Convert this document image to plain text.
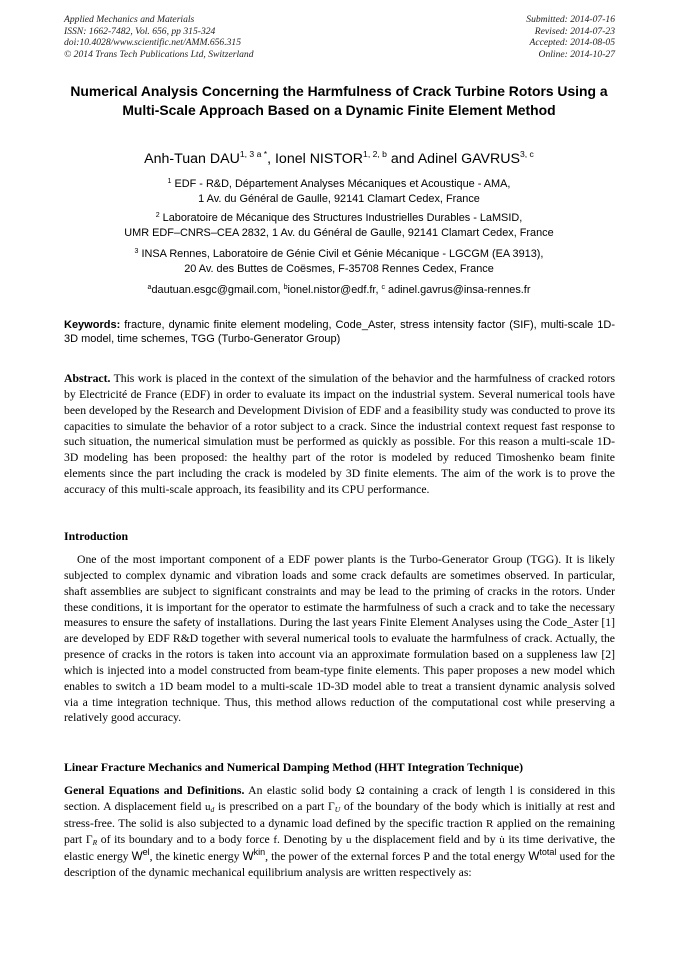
Applied Mechanics and Materials
ISSN: 1662-7482, Vol. 656, pp 315-324
doi:10.4028/www.scientific.net/AMM.656.315
© 2014 Trans Tech Publications Ltd, Switzerland
Submitted: 2014-07-16
Revised: 2014-07-23
Accepted: 2014-08-05
Online: 2014-10-27
Numerical Analysis Concerning the Harmfulness of Crack Turbine Rotors Using a Multi-Scale Approach Based on a Dynamic Finite Element Method
Anh-Tuan $DAU^{1, 3 a *}$, Ionel NISTOR$^{1, 2, b}$ and Adinel GAVRUS$^{3, c}$
$^1$ EDF - R&D, Département Analyses Mécaniques et Acoustique - AMA,
1 Av. du Général de Gaulle, 92141 Clamart Cedex, France
$^2$ Laboratoire de Mécanique des Structures Industrielles Durables - LaMSID,
UMR EDF–CNRS–CEA 2832, 1 Av. du Général de Gaulle, 92141 Clamart Cedex, France
$^3$ INSA Rennes, Laboratoire de Génie Civil et Génie Mécanique - LGCGM (EA 3913),
20 Av. des Buttes de Coësmes, F-35708 Rennes Cedex, France
$^a$dautuan.esgc@gmail.com, $^b$ionel.nistor@edf.fr, $^c$ adinel.gavrus@insa-rennes.fr
Keywords: fracture, dynamic finite element modeling, Code_Aster, stress intensity factor (SIF), multi-scale 1D-3D model, time schemes, TGG (Turbo-Generator Group)

Abstract. This work is placed in the context of the simulation of the behavior and the harmfulness of cracked rotors by Electricité de France (EDF) in order to evaluate its impact on the industrial system. Several numerical tools have been developed by the Research and Development Division of EDF and a feasibility study was conducted to prove its capacities to simulate the behavior of a rotor subject to a crack. Since the industrial context request fast response to such situation, the numerical simulation must be performed as quickly as possible. For this reason a multi-scale 1D-3D modeling has been proposed: the healthy part of the rotor is modeled by reduced Timoshenko beam finite elements since the part including the crack is modeled by 3D finite elements. The aim of the work is to prove the accuracy of this multi-scale approach, its feasibility and its CPU performance.

Introduction

One of the most important component of a EDF power plants is the Turbo-Generator Group (TGG). It is likely subjected to complex dynamic and vibration loads and some crack defaults are sometimes observed. In particular, shaft assemblies are subject to significant constraints and may be lead to the priming of cracks in the rotors. Under these conditions, it is important for the operator to estimate the harmfulness of such a crack and to take the necessary measures to ensure the safety of installations. During the last years Finite Element Analyses using the Code_Aster [1] are developed by EDF R&D together with several numerical tools to evaluate the harmfulness of crack. Actually, the presence of cracks in the rotors is taken into account via an approximate formulation based on a suppleness law [2] which is injected into a model constructed from beam-type finite elements. This paper proposes a new model which enables to switch a 1D beam model to a multi-scale 1D-3D model able to treat a transient dynamic analysis solved via a time integration technique. Thus, this method allows reduction of the computational cost while preserving a relatively good accuracy.

Linear Fracture Mechanics and Numerical Damping Method (HHT Integration Technique)

General Equations and Definitions. An elastic solid body Ω containing a crack of length l is considered in this section. A displacement field $u_d$ is prescribed on a part $\Gamma_U$ of the boundary of the body which is initially at rest and stress-free. The solid is also subjected to a dynamic load defined by the specific traction R applied on the remaining part $\Gamma_R$ of its boundary and to a body force f. Denoting by u the displacement field and by u̇ its time derivative, the elastic energy $W^{el}$, the kinetic energy $W^{kin}$, the power of the external forces P and the total energy $W^{total}$ used for the description of the dynamic mechanical equilibrium analysis are written respectively as:
